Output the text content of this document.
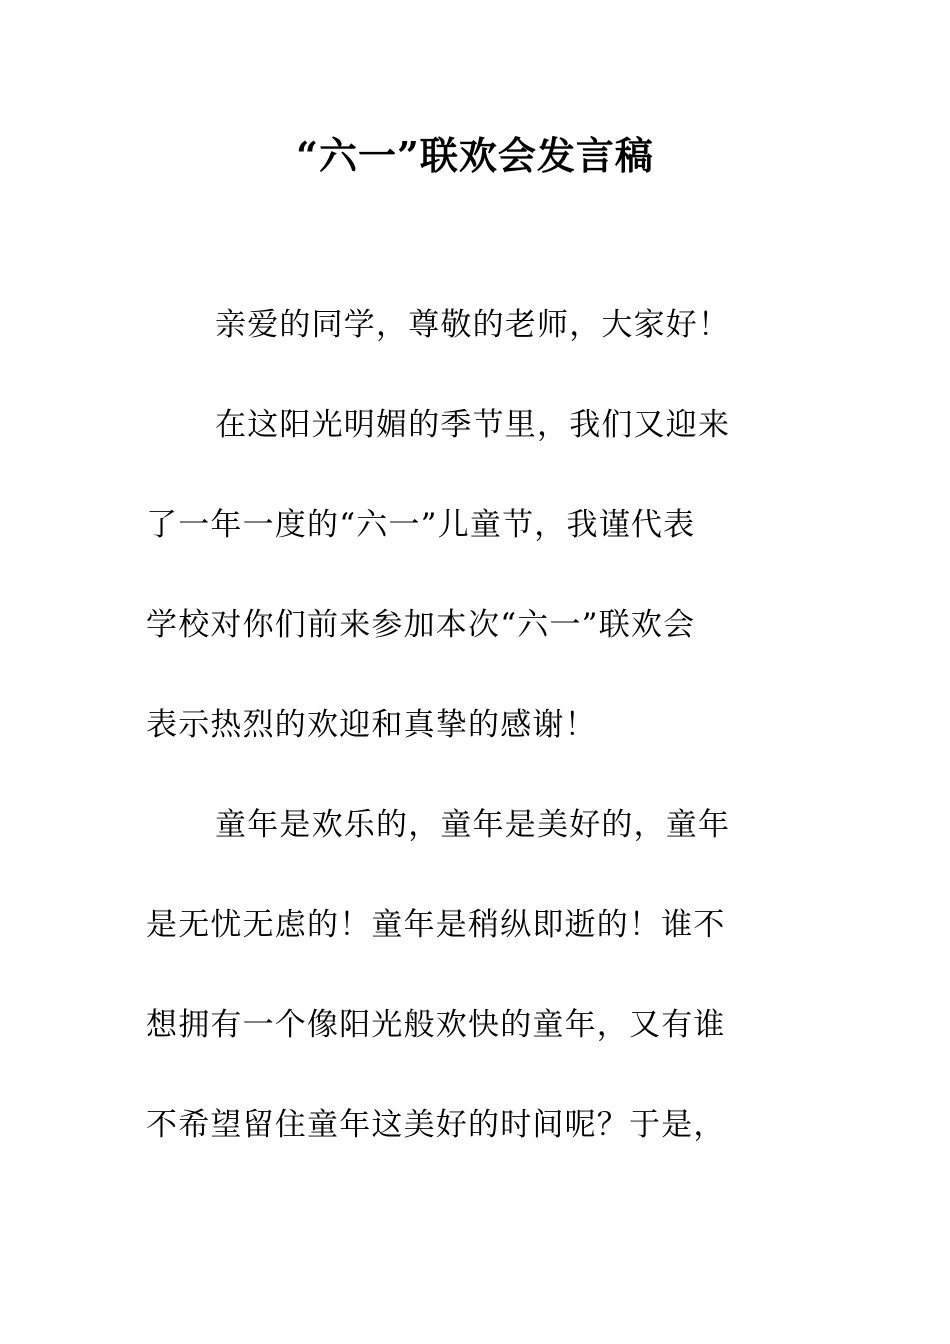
“六一”联欢会发言稿
亲爱的同学，尊敬的老师，大家好！
在这阳光明媚的季节里，我们又迎来
了一年一度的“六一”儿童节，我谨代表
学校对你们前来参加本次“六一”联欢会
表示热烈的欢迎和真挚的感谢！
童年是欢乐的，童年是美好的，童年
是无忧无虑的！童年是稍纵即逝的！谁不
想拥有一个像阳光般欢快的童年，又有谁
不希望留住童年这美好的时间呢？于是，
